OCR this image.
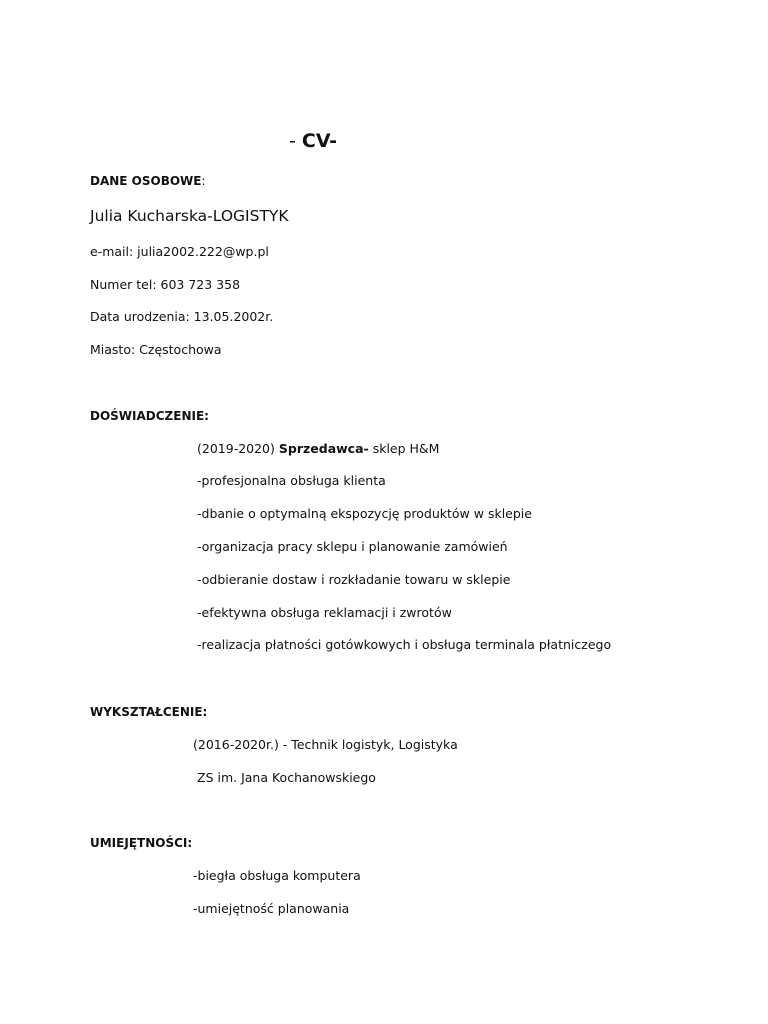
- CV-
DANE OSOBOWE:
Julia Kucharska-LOGISTYK
e-mail: julia2002.222@wp.pl
Numer tel: 603 723 358
Data urodzenia: 13.05.2002r.
Miasto: Częstochowa
DOŚWIADCZENIE:
(2019-2020) Sprzedawca- sklep H&M
-profesjonalna obsługa klienta
-dbanie o optymalną ekspozycję produktów w sklepie
-organizacja pracy sklepu i planowanie zamówień
-odbieranie dostaw i rozkładanie towaru w sklepie
-efektywna obsługa reklamacji i zwrotów
-realizacja płatności gotówkowych i obsługa terminala płatniczego
WYKSZTAŁCENIE:
(2016-2020r.) - Technik logistyk, Logistyka
ZS im. Jana Kochanowskiego
UMIEJĘTNOŚCI:
-biegła obsługa komputera
-umiejętność planowania
